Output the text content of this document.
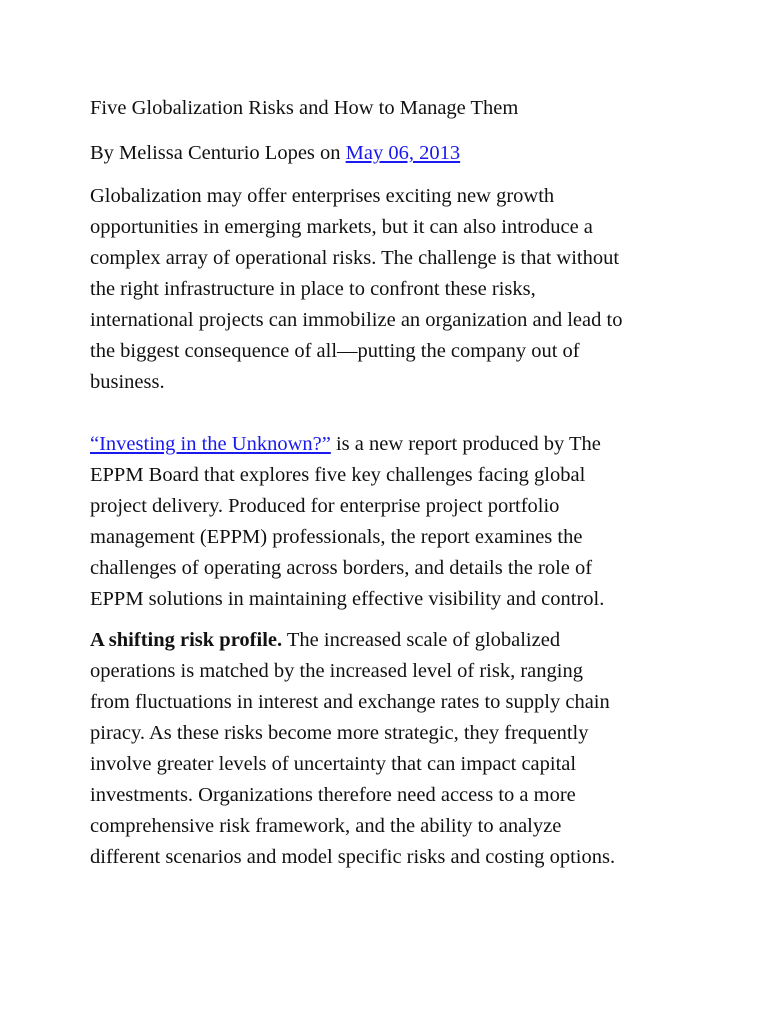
Five Globalization Risks and How to Manage Them
By Melissa Centurio Lopes on May 06, 2013
Globalization may offer enterprises exciting new growth
opportunities in emerging markets, but it can also introduce a
complex array of operational risks. The challenge is that without
the right infrastructure in place to confront these risks,
international projects can immobilize an organization and lead to
the biggest consequence of all—putting the company out of
business.
“Investing in the Unknown?” is a new report produced by The
EPPM Board that explores five key challenges facing global
project delivery. Produced for enterprise project portfolio
management (EPPM) professionals, the report examines the
challenges of operating across borders, and details the role of
EPPM solutions in maintaining effective visibility and control.
A shifting risk profile. The increased scale of globalized
operations is matched by the increased level of risk, ranging
from fluctuations in interest and exchange rates to supply chain
piracy. As these risks become more strategic, they frequently
involve greater levels of uncertainty that can impact capital
investments. Organizations therefore need access to a more
comprehensive risk framework, and the ability to analyze
different scenarios and model specific risks and costing options.
